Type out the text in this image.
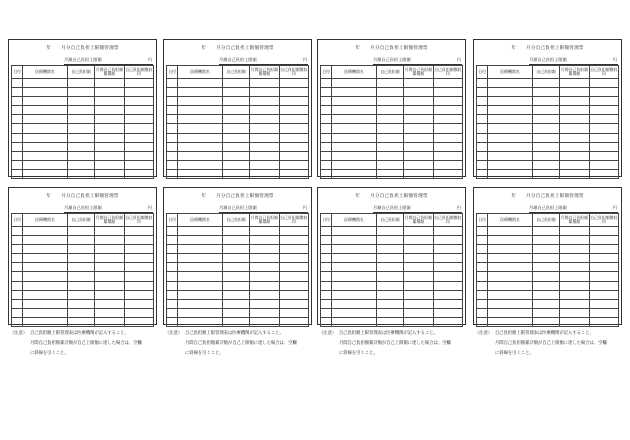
年 月分自己負担上限額管理票
月額自己負担上限額	円
日付	医療機関名	自己負担額	月間自己負担額累積額	自己負担額徴収印

年 月分自己負担上限額管理票
月額自己負担上限額	円
日付	医療機関名	自己負担額	月間自己負担額累積額	自己負担額徴収印

年 月分自己負担上限額管理票
月額自己負担上限額	円
日付	医療機関名	自己負担額	月間自己負担額累積額	自己負担額徴収印

年 月分自己負担上限額管理票
月額自己負担上限額	円
日付	医療機関名	自己負担額	月間自己負担額累積額	自己負担額徴収印

年 月分自己負担上限額管理票
月額自己負担上限額	円
日付	医療機関名	自己負担額	月間自己負担額累積額	自己負担額徴収印

年 月分自己負担上限額管理票
月額自己負担上限額	円
日付	医療機関名	自己負担額	月間自己負担額累積額	自己負担額徴収印

年 月分自己負担上限額管理票
月額自己負担上限額	円
日付	医療機関名	自己負担額	月間自己負担額累積額	自己負担額徴収印

年 月分自己負担上限額管理票
月額自己負担上限額	円
日付	医療機関名	自己負担額	月間自己負担額累積額	自己負担額徴収印

（注意） 自己負担額上限管理表は医療機関が記入すること。
月間自己負担額累計額が自己上限額に達した場合は、空欄
に斜線を引くこと。
（注意） 自己負担額上限管理表は医療機関が記入すること。
月間自己負担額累計額が自己上限額に達した場合は、空欄
に斜線を引くこと。
（注意） 自己負担額上限管理表は医療機関が記入すること。
月間自己負担額累計額が自己上限額に達した場合は、空欄
に斜線を引くこと。
（注意） 自己負担額上限管理表は医療機関が記入すること。
月間自己負担額累計額が自己上限額に達した場合は、空欄
に斜線を引くこと。
